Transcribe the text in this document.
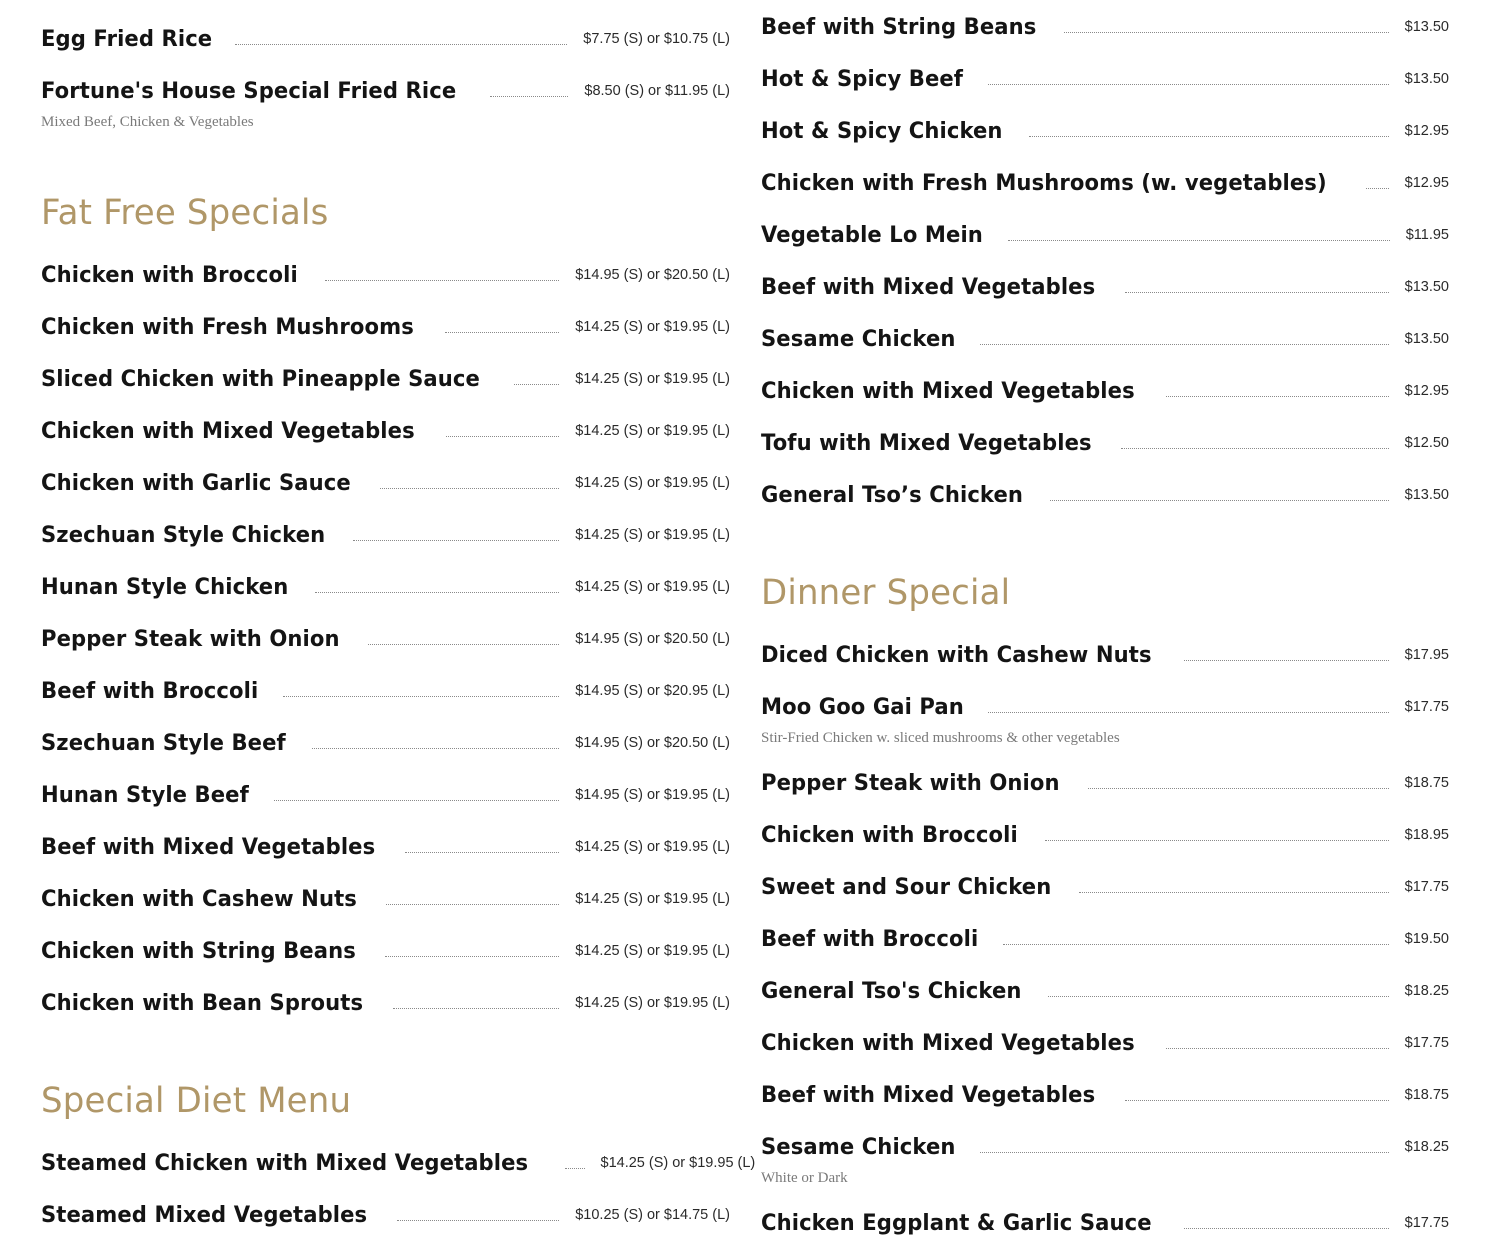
Egg Fried Rice	$7.75 (S) or $10.75 (L)
Fortune's House Special Fried Rice	$8.50 (S) or $11.95 (L)
Mixed Beef, Chicken & Vegetables
Fat Free Specials
Chicken with Broccoli	$14.95 (S) or $20.50 (L)
Chicken with Fresh Mushrooms	$14.25 (S) or $19.95 (L)
Sliced Chicken with Pineapple Sauce	$14.25 (S) or $19.95 (L)
Chicken with Mixed Vegetables	$14.25 (S) or $19.95 (L)
Chicken with Garlic Sauce	$14.25 (S) or $19.95 (L)
Szechuan Style Chicken	$14.25 (S) or $19.95 (L)
Hunan Style Chicken	$14.25 (S) or $19.95 (L)
Pepper Steak with Onion	$14.95 (S) or $20.50 (L)
Beef with Broccoli	$14.95 (S) or $20.95 (L)
Szechuan Style Beef	$14.95 (S) or $20.50 (L)
Hunan Style Beef	$14.95 (S) or $19.95 (L)
Beef with Mixed Vegetables	$14.25 (S) or $19.95 (L)
Chicken with Cashew Nuts	$14.25 (S) or $19.95 (L)
Chicken with String Beans	$14.25 (S) or $19.95 (L)
Chicken with Bean Sprouts	$14.25 (S) or $19.95 (L)
Special Diet Menu
Steamed Chicken with Mixed Vegetables	$14.25 (S) or $19.95 (L)
Steamed Mixed Vegetables	$10.25 (S) or $14.75 (L)
Beef with String Beans	$13.50
Hot & Spicy Beef	$13.50
Hot & Spicy Chicken	$12.95
Chicken with Fresh Mushrooms (w. vegetables)	$12.95
Vegetable Lo Mein	$11.95
Beef with Mixed Vegetables	$13.50
Sesame Chicken	$13.50
Chicken with Mixed Vegetables	$12.95
Tofu with Mixed Vegetables	$12.50
General Tso’s Chicken	$13.50
Dinner Special
Diced Chicken with Cashew Nuts	$17.95
Moo Goo Gai Pan	$17.75
Stir-Fried Chicken w. sliced mushrooms & other vegetables
Pepper Steak with Onion	$18.75
Chicken with Broccoli	$18.95
Sweet and Sour Chicken	$17.75
Beef with Broccoli	$19.50
General Tso's Chicken	$18.25
Chicken with Mixed Vegetables	$17.75
Beef with Mixed Vegetables	$18.75
Sesame Chicken	$18.25
White or Dark
Chicken Eggplant & Garlic Sauce	$17.75
